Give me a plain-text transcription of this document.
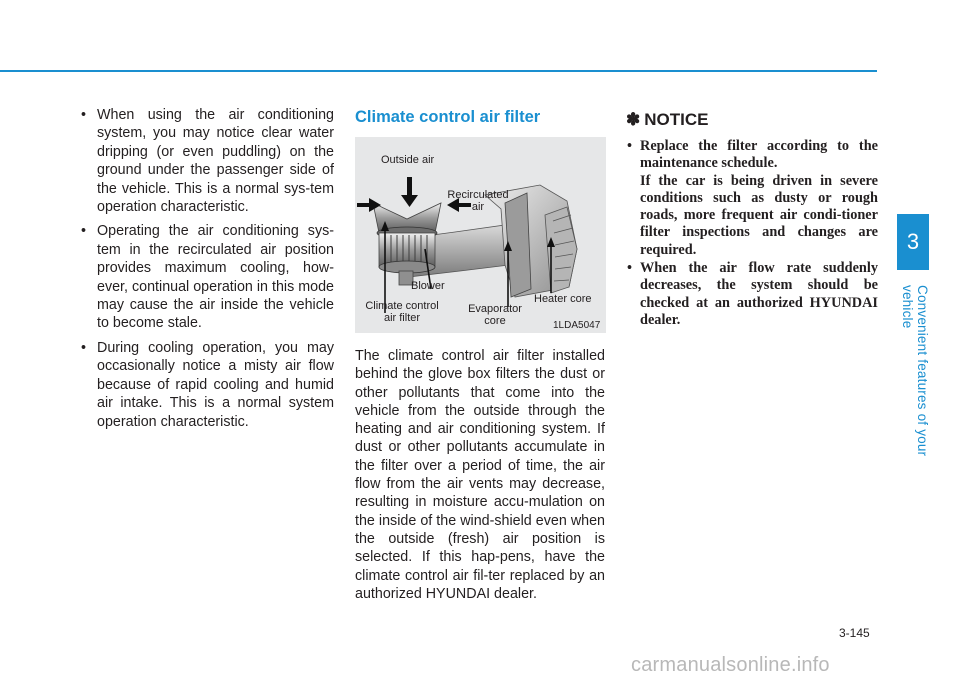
3
Convenient features of your vehicle
• When using the air conditioning system, you may notice clear water dripping (or even puddling) on the ground under the passenger side of the vehicle. This is a normal sys-tem operation characteristic.
• Operating the air conditioning sys-tem in the recirculated air position provides maximum cooling, how-ever, continual operation in this mode may cause the air inside the vehicle to become stale.
• During cooling operation, you may occasionally notice a misty air flow because of rapid cooling and humid air intake. This is a normal system operation characteristic.
Climate control air filter
Outside air
Recirculated
air
Blower
Heater core
Climate control
air filter
Evaporator
core	1LDA5047

The climate control air filter installed behind the glove box filters the dust or other pollutants that come into the vehicle from the outside through the heating and air conditioning system. If dust or other pollutants accumulate in the filter over a period of time, the air flow from the air vents may decrease, resulting in moisture accu-mulation on the inside of the wind-shield even when the outside (fresh) air position is selected. If this hap-pens, have the climate control air fil-ter replaced by an authorized HYUNDAI dealer.

✽ NOTICE
• Replace the filter according to the maintenance schedule.
If the car is being driven in severe conditions such as dusty or rough roads, more frequent air condi-tioner filter inspections and changes are required.
• When the air flow rate suddenly decreases, the system should be checked at an authorized HYUNDAI dealer.
3-145
carmanualsonline.info
